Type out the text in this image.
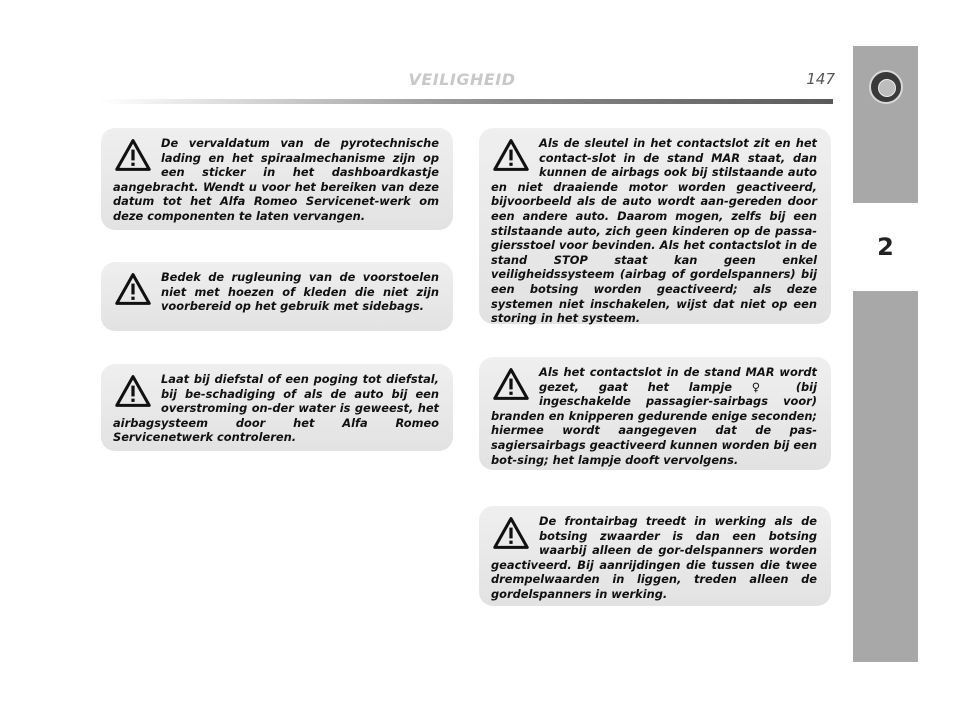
VEILIGHEID	147
2

De vervaldatum van de pyrotechnische lading en het spiraalmechanisme zijn op een sticker in het dashboardkastje aangebracht. Wendt u voor het bereiken van deze datum tot het Alfa Romeo Servicenet-werk om deze componenten te laten vervangen.

Bedek de rugleuning van de voorstoelen niet met hoezen of kleden die niet zijn voorbereid op het gebruik met sidebags.

Laat bij diefstal of een poging tot diefstal, bij be-schadiging of als de auto bij een overstroming on-der water is geweest, het airbagsysteem door het Alfa Romeo Servicenetwerk controleren.

Als de sleutel in het contactslot zit en het contact-slot in de stand MAR staat, dan kunnen de airbags ook bij stilstaande auto en niet draaiende motor worden geactiveerd, bijvoorbeeld als de auto wordt aan-gereden door een andere auto. Daarom mogen, zelfs bij een stilstaande auto, zich geen kinderen op de passa-giersstoel voor bevinden. Als het contactslot in de stand STOP staat kan geen enkel veiligheidssysteem (airbag of gordelspanners) bij een botsing worden geactiveerd; als deze systemen niet inschakelen, wijst dat niet op een storing in het systeem.

Als het contactslot in de stand MAR wordt gezet, gaat het lampje ♀ (bij ingeschakelde passagier-sairbags voor) branden en knipperen gedurende enige seconden; hiermee wordt aangegeven dat de pas-sagiersairbags geactiveerd kunnen worden bij een bot-sing; het lampje dooft vervolgens.

De frontairbag treedt in werking als de botsing zwaarder is dan een botsing waarbij alleen de gor-delspanners worden geactiveerd. Bij aanrijdingen die tussen die twee drempelwaarden in liggen, treden alleen de gordelspanners in werking.
